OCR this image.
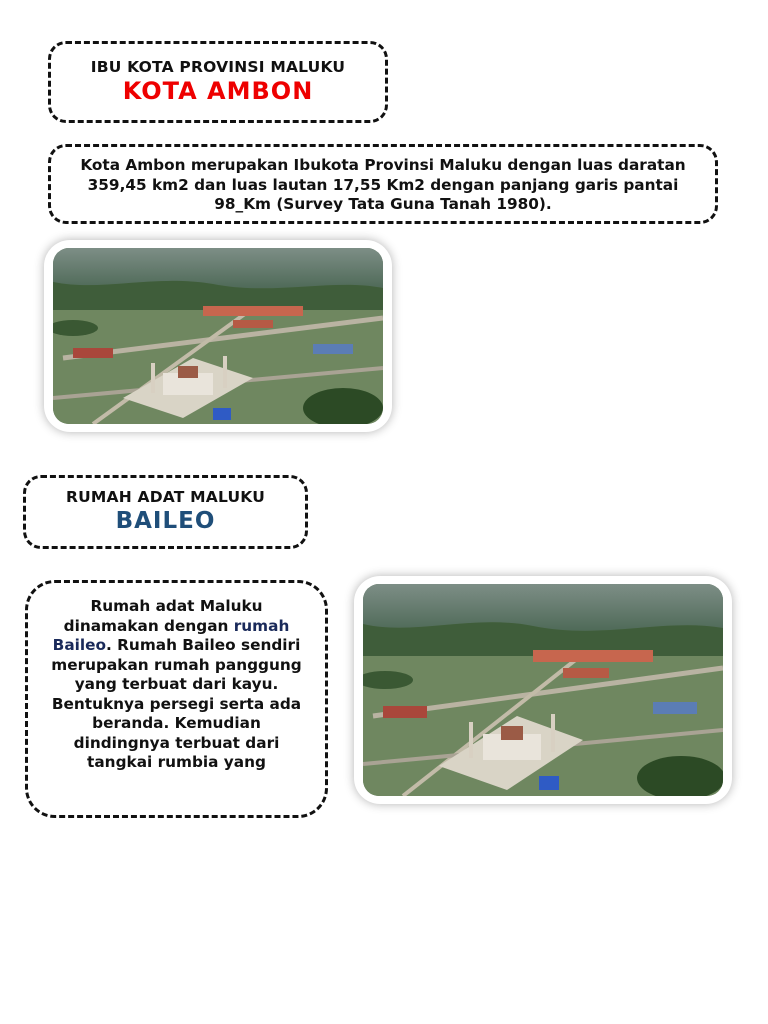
IBU KOTA PROVINSI MALUKU
KOTA AMBON
Kota Ambon merupakan Ibukota Provinsi Maluku dengan luas daratan 359,45 km2 dan luas lautan 17,55 Km2 dengan panjang garis pantai 98_Km (Survey Tata Guna Tanah 1980).
RUMAH ADAT MALUKU
BAILEO
Rumah adat Maluku dinamakan dengan rumah Baileo. Rumah Baileo sendiri merupakan rumah panggung yang terbuat dari kayu. Bentuknya persegi serta ada beranda. Kemudian dindingnya terbuat dari tangkai rumbia yang
